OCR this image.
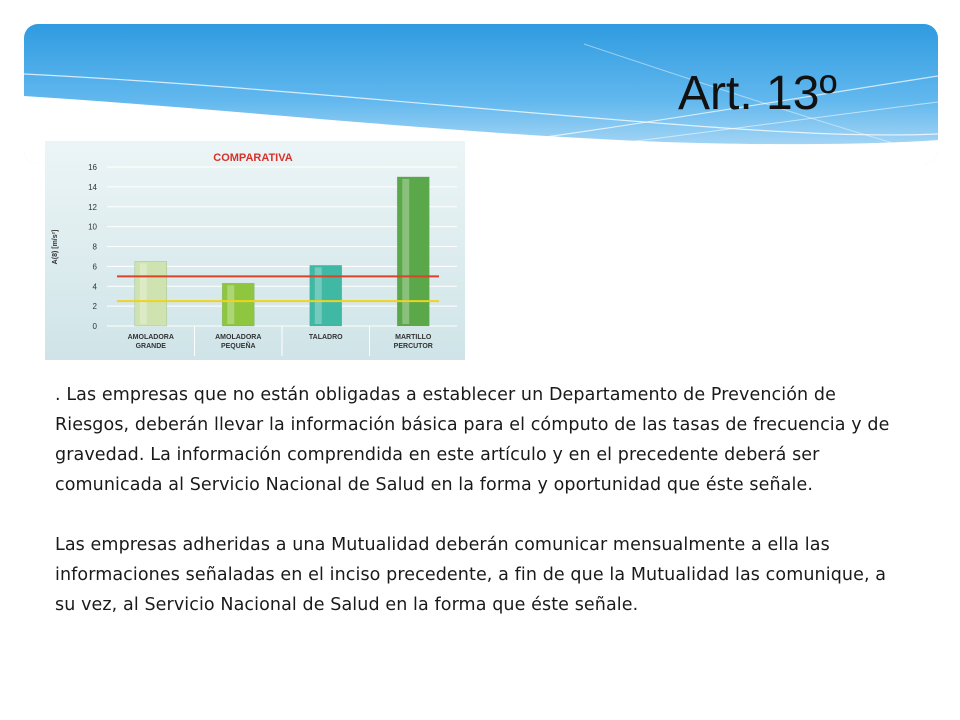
Art. 13º
COMPARATIVA
A(8) [m/s²]
0
2
4
6
8
10
12
14
16
AMOLADORA
GRANDE
AMOLADORA
PEQUEÑA
TALADRO	MARTILLO
PERCUTOR

. Las empresas que no están obligadas a establecer un Departamento de Prevención de Riesgos, deberán llevar la información básica para el cómputo de las tasas de frecuencia y de gravedad. La información comprendida en este artículo y en el precedente deberá ser comunicada al Servicio Nacional de Salud en la forma y oportunidad que éste señale.

Las empresas adheridas a una Mutualidad deberán comunicar mensualmente a ella las informaciones señaladas en el inciso precedente, a fin de que la Mutualidad las comunique, a su vez, al Servicio Nacional de Salud en la forma que éste señale.
